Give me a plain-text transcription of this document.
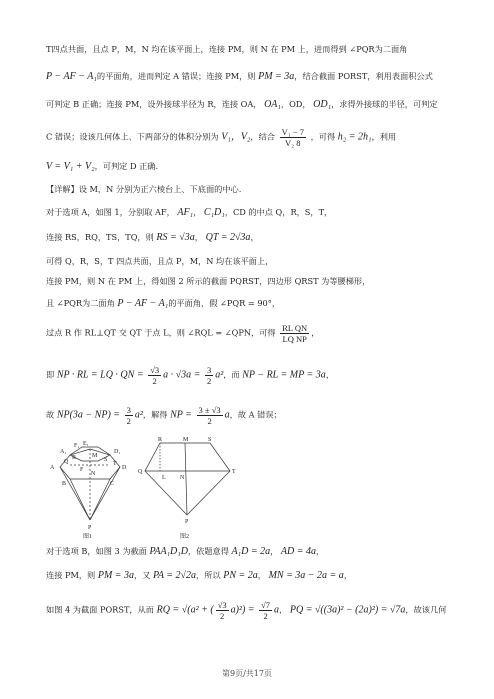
T四点共面，且点 P，M，N 均在该平面上，连接 PM，则 N 在 PM 上，进而得到 ∠PQR为二面角
P − AF − A₁的平面角，进而判定 A 错误；连接 PM，则 PM = 3a，结合截面 PORST，利用表面积公式
可判定 B 正确；连接 PM，设外接球半径为 R，连接 OA， OA₁，OD， OD₁，求得外接球的半径，可判定
C 错误；设该几何体上、下两部分的体积分别为 V₁，V₂，结合 $\frac{\text{V₁ − 7}}{\text{V₂ 8}}$ ，可得 h₂ = 2h₁，利用
V = V₁ + V₂，可判定 D 正确.
【详解】设 M，N 分别为正六棱台上、下底面的中心.
对于选项 A，如图 1，分别取 AF， AF₁， C₁D₁，CD 的中点 Q，R，S，T，
连接 RS，RQ，TS，TQ，则 RS = √3a， QT = 2√3a，
可得 Q，R，S，T 四点共面，且点 P，M，N 均在该平面上，
连接 PM，则 N 在 PM 上，得如图 2 所示的截面 PQRST，四边形 QRST 为等腰梯形，
且 ∠PQR为二面角 P − AF − A₁的平面角，假 ∠PQR = 90°，
过点 R 作 RL⊥QT 交 QT 于点 L，则 ∠RQL = ∠QPN，可得 $\frac{\text{RL QN}}{\text{LQ NP}}$ ，
即 NP · RL = LQ · QN = $\frac{√3}{2}$ $a \cdot √3a = \frac{3}{2} a^2$，而 NP − RL = MP = 3a，
故 $NP(3a - NP) = \frac{3}{2} a^2$，解得 NP = $\frac{3 \pm √3}{2}$ a，故 A 错误；
A
A₁
F₁ E₁
M
D₁
B	C
D
Q
R	S
T
N
F
P
图1
R	M	S
Q
L N
T
P
图2
对于选项 B，如图 3 为截面 PAA₁D₁D，依题意得 A₁D = 2a， AD = 4a，
连接 PM，则 PM = 3a，又 PA = 2√2a，所以 PN = 2a， MN = 3a − 2a = a，
如图 4 为截面 PORST，从而 RQ = √(a² + ( $\frac{√3}{2} a)^2) = \frac{√7}{2}$ a， PQ = √((3a)² − (2a)²) = √7a，故该几何
第9页/共17页
